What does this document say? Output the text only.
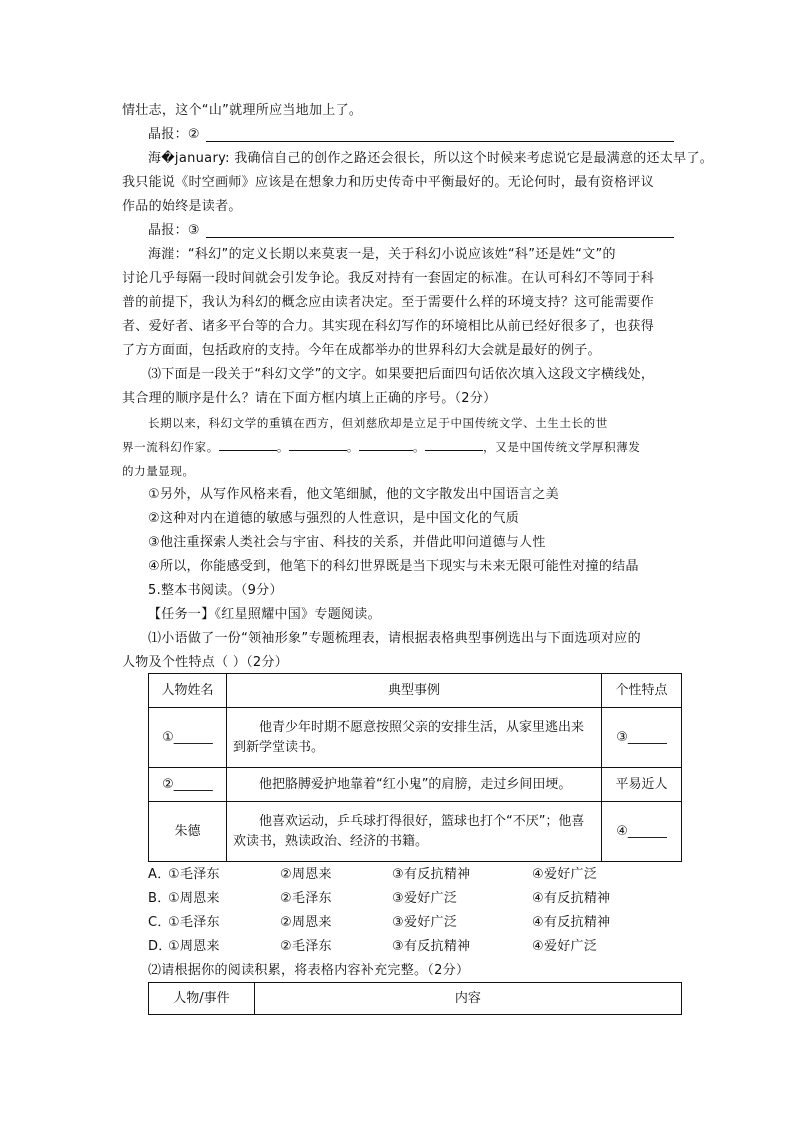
情壮志，这个“山”就理所应当地加上了。
晶报：②
海�january: 我确信自己的创作之路还会很长，所以这个时候来考虑说它是最满意的还太早了。
我只能说《时空画师》应该是在想象力和历史传奇中平衡最好的。无论何时，最有资格评议
作品的始终是读者。
晶报：③
海漄：“科幻”的定义长期以来莫衷一是，关于科幻小说应该姓“科”还是姓“文”的
讨论几乎每隔一段时间就会引发争论。我反对持有一套固定的标准。在认可科幻不等同于科
普的前提下，我认为科幻的概念应由读者决定。至于需要什么样的环境支持？这可能需要作
者、爱好者、诸多平台等的合力。其实现在科幻写作的环境相比从前已经好很多了，也获得
了方方面面，包括政府的支持。今年在成都举办的世界科幻大会就是最好的例子。
⑶下面是一段关于“科幻文学”的文字。如果要把后面四句话依次填入这段文字横线处，
其合理的顺序是什么？请在下面方框内填上正确的序号。（2分）
长期以来，科幻文学的重镇在西方，但刘慈欣却是立足于中国传统文学、土生土长的世
界一流科幻作家。	。	。	。	，又是中国传统文学厚积薄发
的力量显现。
①另外，从写作风格来看，他文笔细腻，他的文字散发出中国语言之美
②这种对内在道德的敏感与强烈的人性意识，是中国文化的气质
③他注重探索人类社会与宇宙、科技的关系，并借此叩问道德与人性
④所以，你能感受到，他笔下的科幻世界既是当下现实与未来无限可能性对撞的结晶
5.整本书阅读。（9分）
【任务一】《红星照耀中国》专题阅读。
⑴小语做了一份“领袖形象”专题梳理表，请根据表格典型事例选出与下面选项对应的
人物及个性特点（ ）（2分）
人物姓名	典型事例	个性特点
①______	他青少年时期不愿意按照父亲的安排生活，从家里逃出来到新学堂读书。	③______
②______	他把胳膊爱护地靠着“红小鬼”的肩膀，走过乡间田埂。	平易近人
朱德	他喜欢运动，乒乓球打得很好，篮球也打个“不厌”；他喜欢读书，熟读政治、经济的书籍。	④______
A．
①毛泽东	②周恩来	③有反抗精神	④爱好广泛
B．
①周恩来	②毛泽东	③爱好广泛	④有反抗精神
C．
①毛泽东	②周恩来	③爱好广泛	④有反抗精神
D．
①周恩来	②毛泽东	③有反抗精神	④爱好广泛
⑵请根据你的阅读积累，将表格内容补充完整。（2分）
人物/事件	内容
